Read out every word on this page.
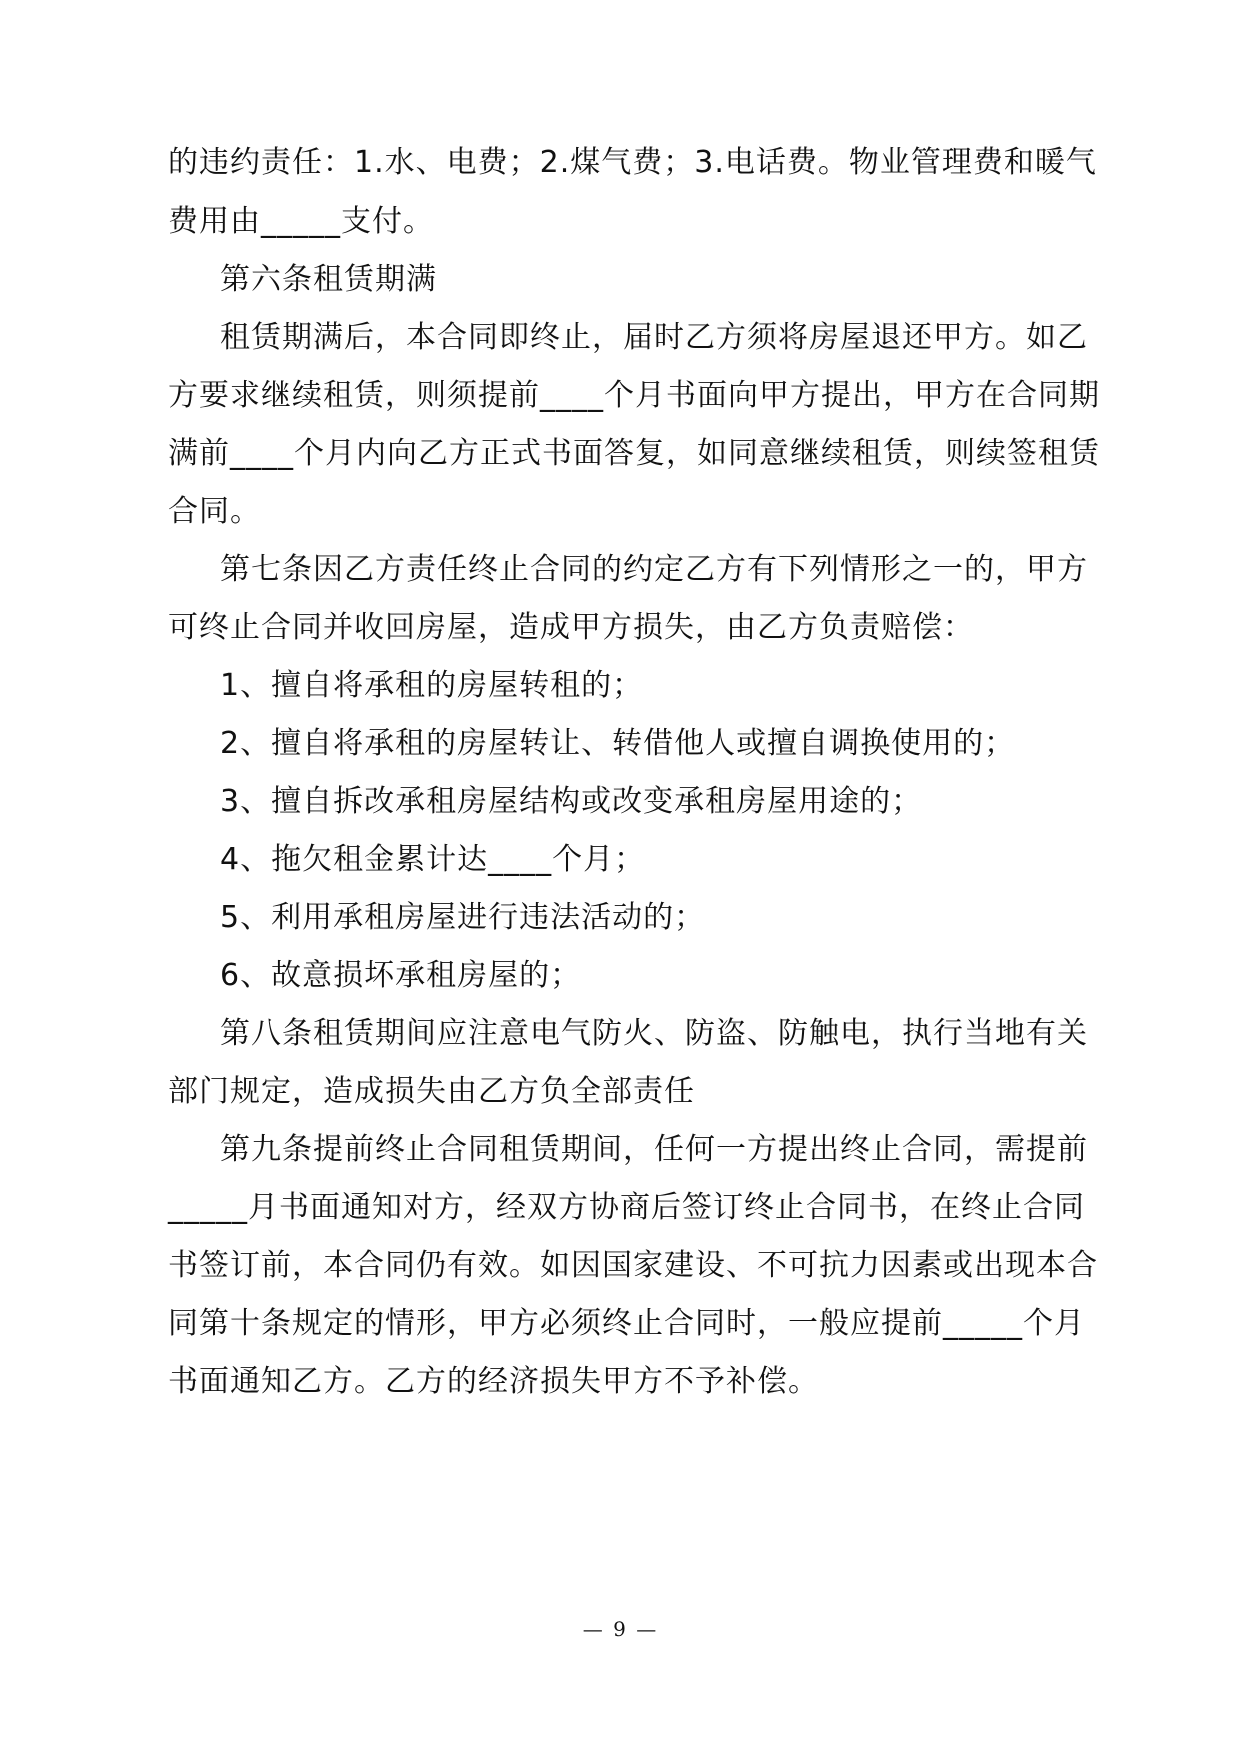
的违约责任：1.水、电费；2.煤气费；3.电话费。物业管理费和暖气
费用由_____支付。
第六条租赁期满
租赁期满后，本合同即终止，届时乙方须将房屋退还甲方。如乙
方要求继续租赁，则须提前____个月书面向甲方提出，甲方在合同期
满前____个月内向乙方正式书面答复，如同意继续租赁，则续签租赁
合同。
第七条因乙方责任终止合同的约定乙方有下列情形之一的，甲方
可终止合同并收回房屋，造成甲方损失，由乙方负责赔偿：
1、擅自将承租的房屋转租的；
2、擅自将承租的房屋转让、转借他人或擅自调换使用的；
3、擅自拆改承租房屋结构或改变承租房屋用途的；
4、拖欠租金累计达____个月；
5、利用承租房屋进行违法活动的；
6、故意损坏承租房屋的；
第八条租赁期间应注意电气防火、防盗、防触电，执行当地有关
部门规定，造成损失由乙方负全部责任
第九条提前终止合同租赁期间，任何一方提出终止合同，需提前
_____月书面通知对方，经双方协商后签订终止合同书，在终止合同
书签订前，本合同仍有效。如因国家建设、不可抗力因素或出现本合
同第十条规定的情形，甲方必须终止合同时，一般应提前_____个月
书面通知乙方。乙方的经济损失甲方不予补偿。
— 9 —
